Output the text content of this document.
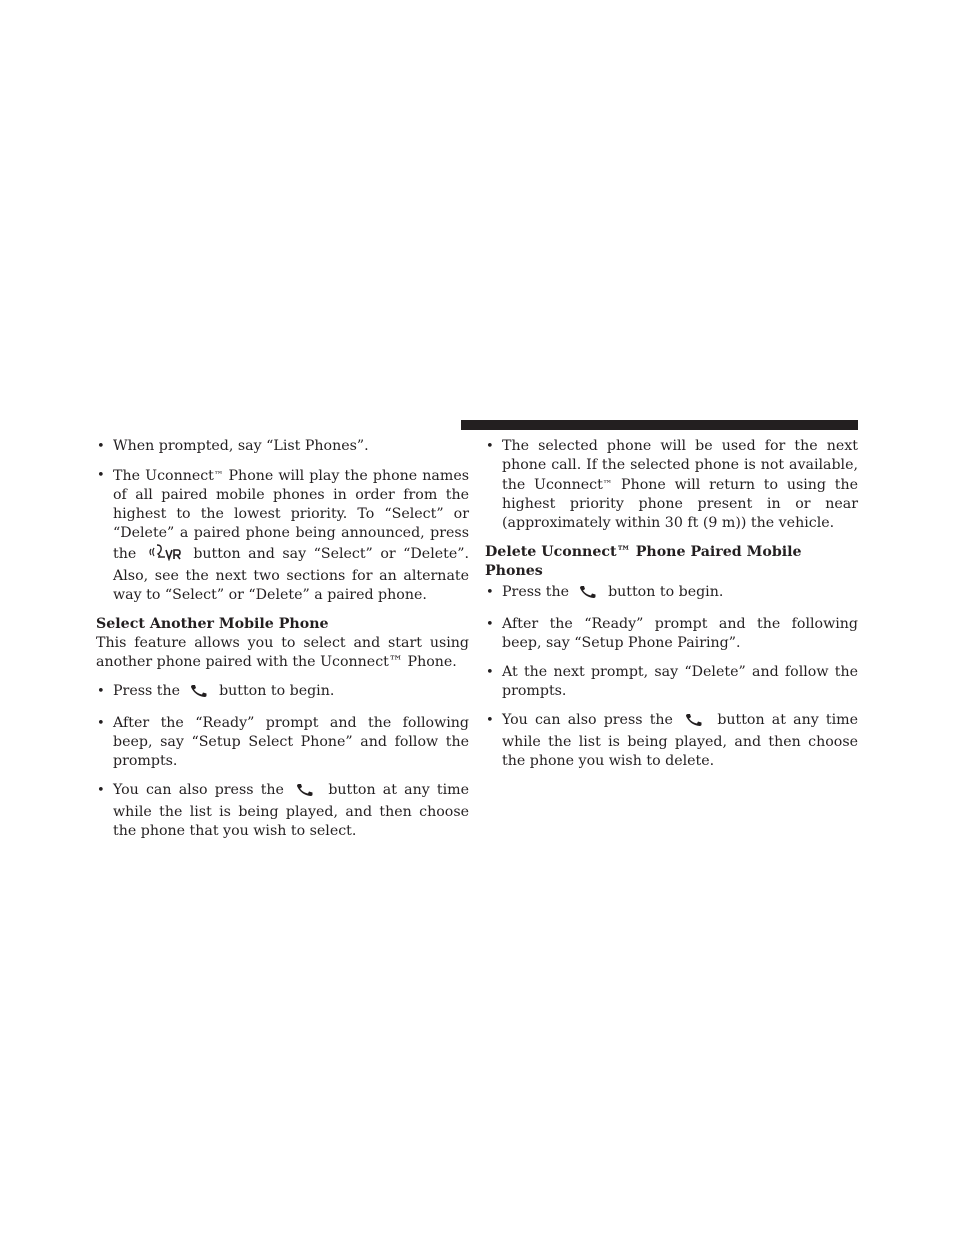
• When prompted, say “List Phones”.
• The Uconnect™ Phone will play the phone names of all paired mobile phones in order from the highest to the lowest priority. To “Select” or “Delete” a paired phone being announced, press the	button and say “Select” or “Delete”. Also, see the next two sections for an alternate way to “Select” or “Delete” a paired phone.
Select Another Mobile Phone

This feature allows you to select and start using another phone paired with the Uconnect™ Phone.

• Press the	button to begin.
• After the “Ready” prompt and the following beep, say “Setup Select Phone” and follow the prompts.
• You can also press the	button at any time while the list is being played, and then choose the phone that you wish to select.
• The selected phone will be used for the next phone call. If the selected phone is not available, the Uconnect™ Phone will return to using the highest priority phone present in or near (approximately within 30 ft (9 m)) the vehicle.
Delete Uconnect™ Phone Paired Mobile Phones
• Press the	button to begin.
• After the “Ready” prompt and the following beep, say “Setup Phone Pairing”.
• At the next prompt, say “Delete” and follow the prompts.
• You can also press the	button at any time while the list is being played, and then choose the phone you wish to delete.
